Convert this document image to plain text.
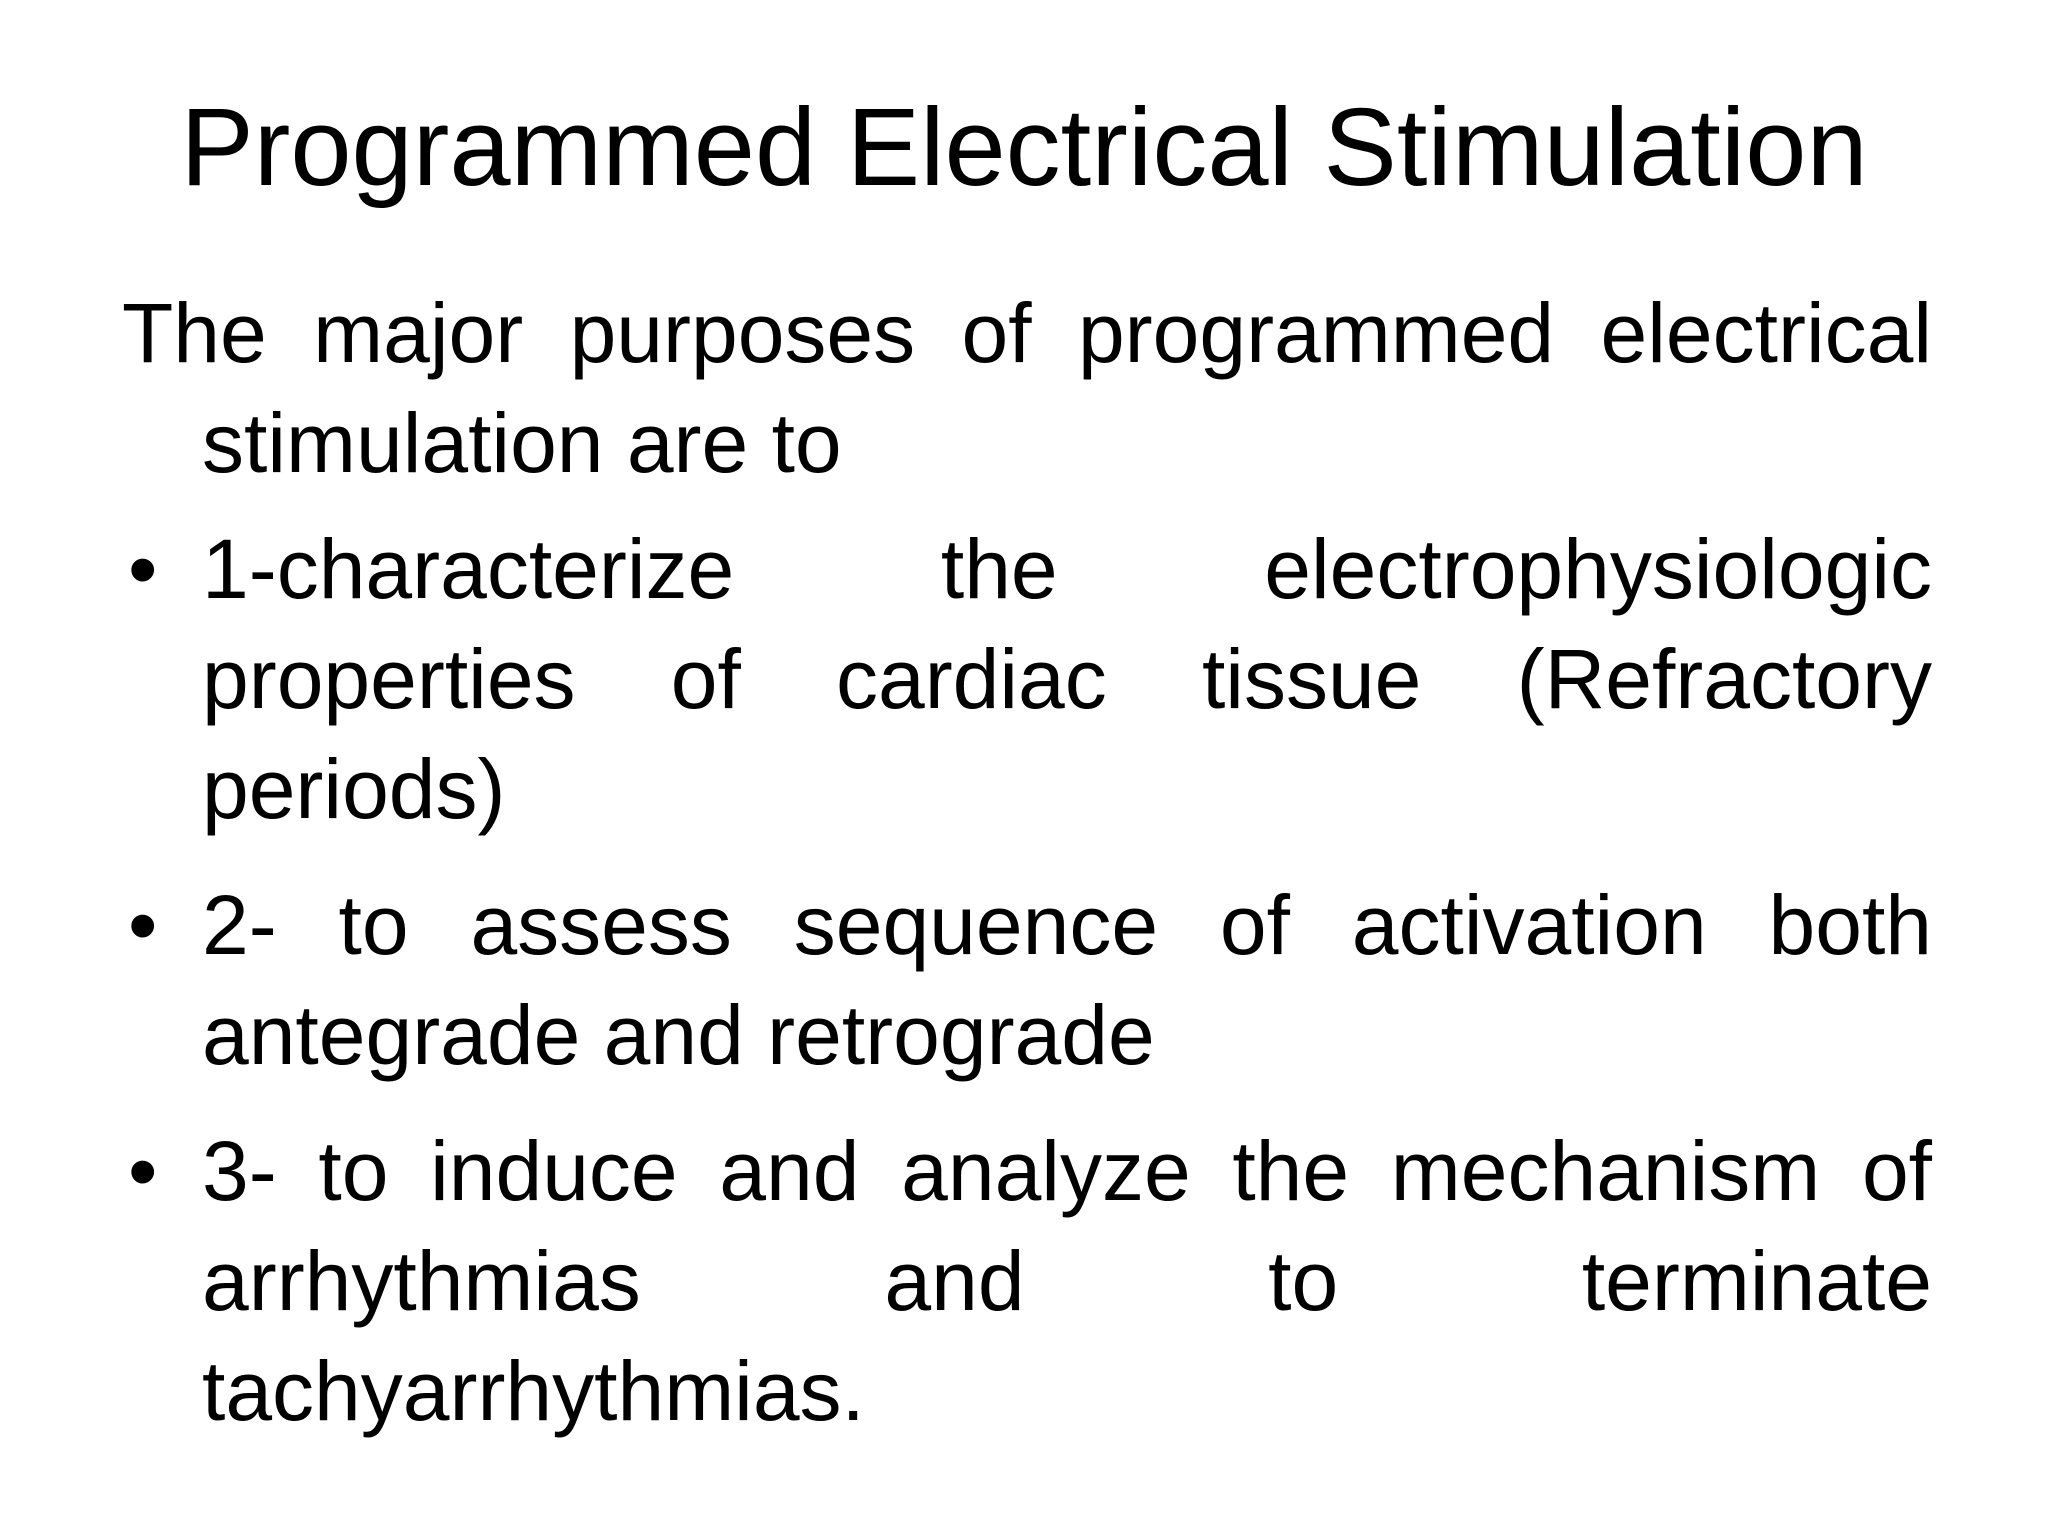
Programmed Electrical Stimulation

The major purposes of programmed electrical stimulation are to

• 1-characterize the electrophysiologic properties of cardiac tissue (Refractory periods)
• 2- to assess sequence of activation both antegrade and retrograde
• 3- to induce and analyze the mechanism of arrhythmias and to terminate tachyarrhythmias.
